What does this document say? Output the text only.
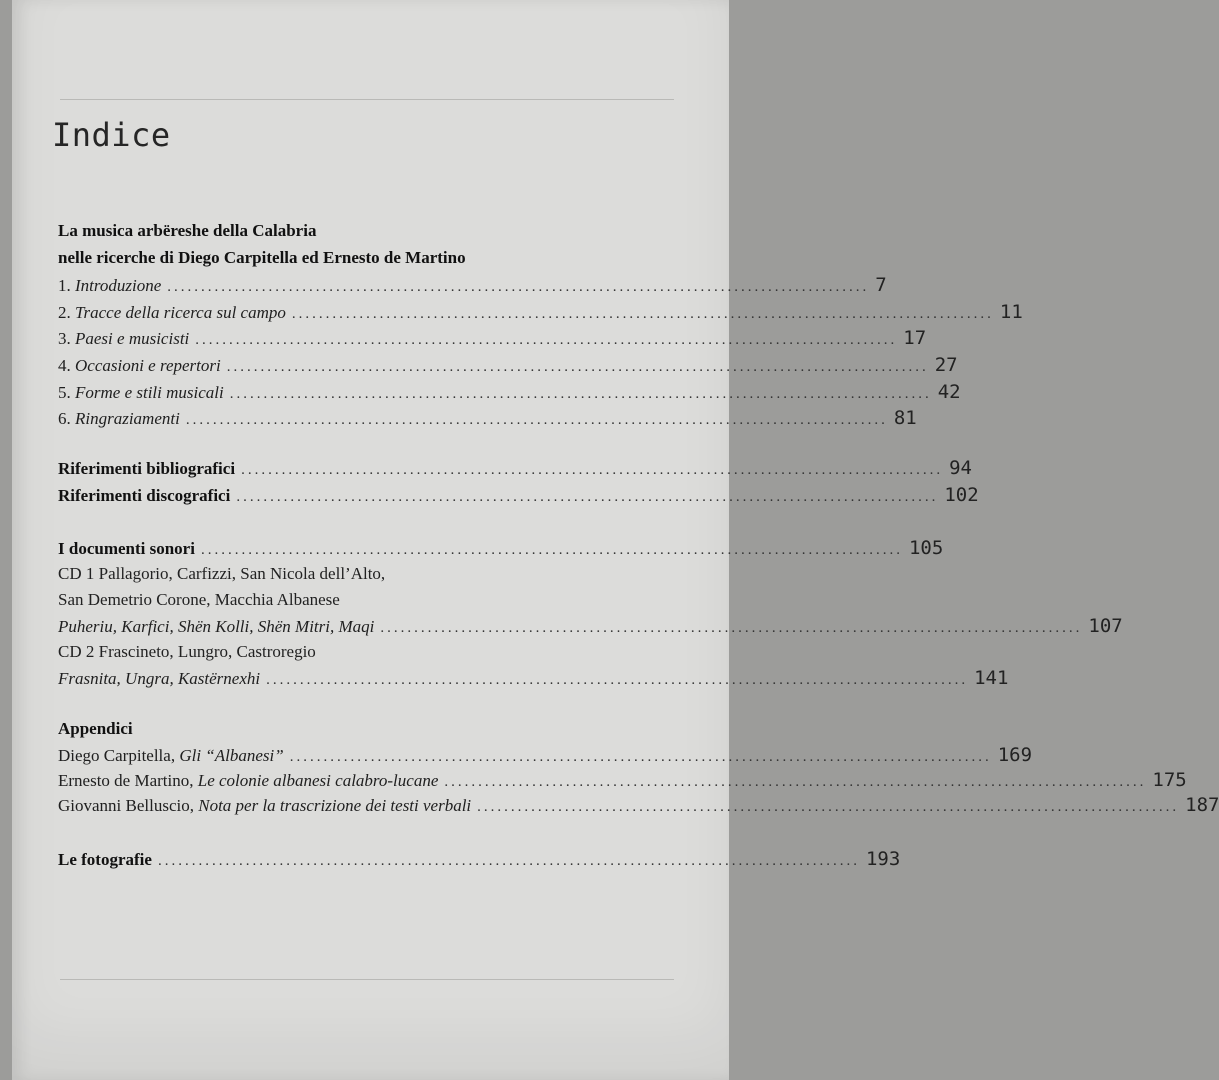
Indice
La musica arbëreshe della Calabria
nelle ricerche di Diego Carpitella ed Ernesto de Martino
1. Introduzione ........................................................................................................ 7
2. Tracce della ricerca sul campo ........................................................................................................ 11
3. Paesi e musicisti ........................................................................................................ 17
4. Occasioni e repertori ........................................................................................................ 27
5. Forme e stili musicali ........................................................................................................ 42
6. Ringraziamenti ........................................................................................................ 81
Riferimenti bibliografici ........................................................................................................ 94
Riferimenti discografici ........................................................................................................ 102
I documenti sonori ........................................................................................................ 105
CD 1 Pallagorio, Carfizzi, San Nicola dell’Alto,
San Demetrio Corone, Macchia Albanese
Puheriu, Karfici, Shën Kolli, Shën Mitri, Maqi ........................................................................................................ 107
CD 2 Frascineto, Lungro, Castroregio
Frasnita, Ungra, Kastërnexhi ........................................................................................................ 141
Appendici
Diego Carpitella, Gli “Albanesi” ........................................................................................................ 169
Ernesto de Martino, Le colonie albanesi calabro-lucane ........................................................................................................ 175
Giovanni Belluscio, Nota per la trascrizione dei testi verbali ........................................................................................................ 187
Le fotografie ........................................................................................................ 193
